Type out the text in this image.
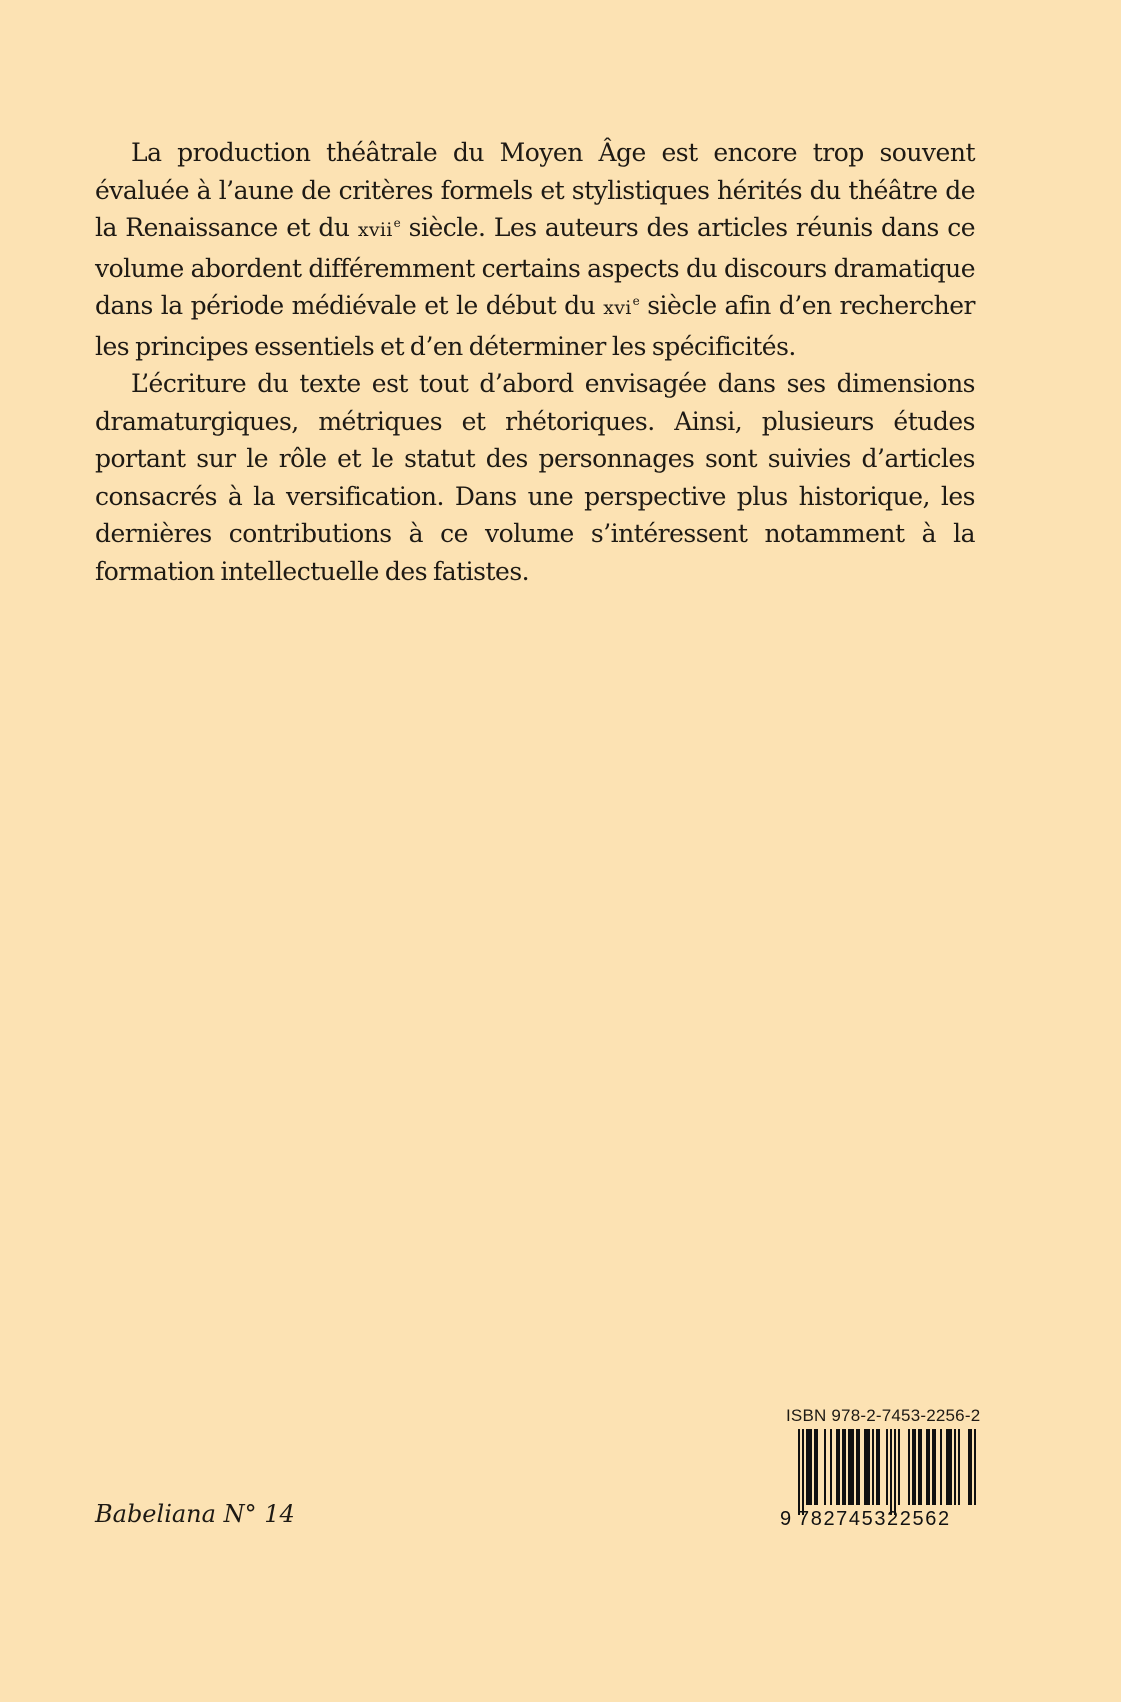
La production théâtrale du Moyen Âge est encore trop souvent évaluée à l’aune de critères formels et stylistiques hérités du théâtre de la Renaissance et du xvii$^e$ siècle. Les auteurs des articles réunis dans ce volume abordent différemment certains aspects du discours dramatique dans la période médiévale et le début du xvi$^e$ siècle afin d’en rechercher les principes essentiels et d’en déterminer les spécificités.

L’écriture du texte est tout d’abord envisagée dans ses dimensions dramaturgiques, métriques et rhétoriques. Ainsi, plusieurs études portant sur le rôle et le statut des personnages sont suivies d’articles consacrés à la versification. Dans une perspective plus historique, les dernières contributions à ce volume s’intéressent notamment à la formation intellectuelle des fatistes.

Babeliana N° 14
ISBN 978-2-7453-2256-2
9 782745322562
